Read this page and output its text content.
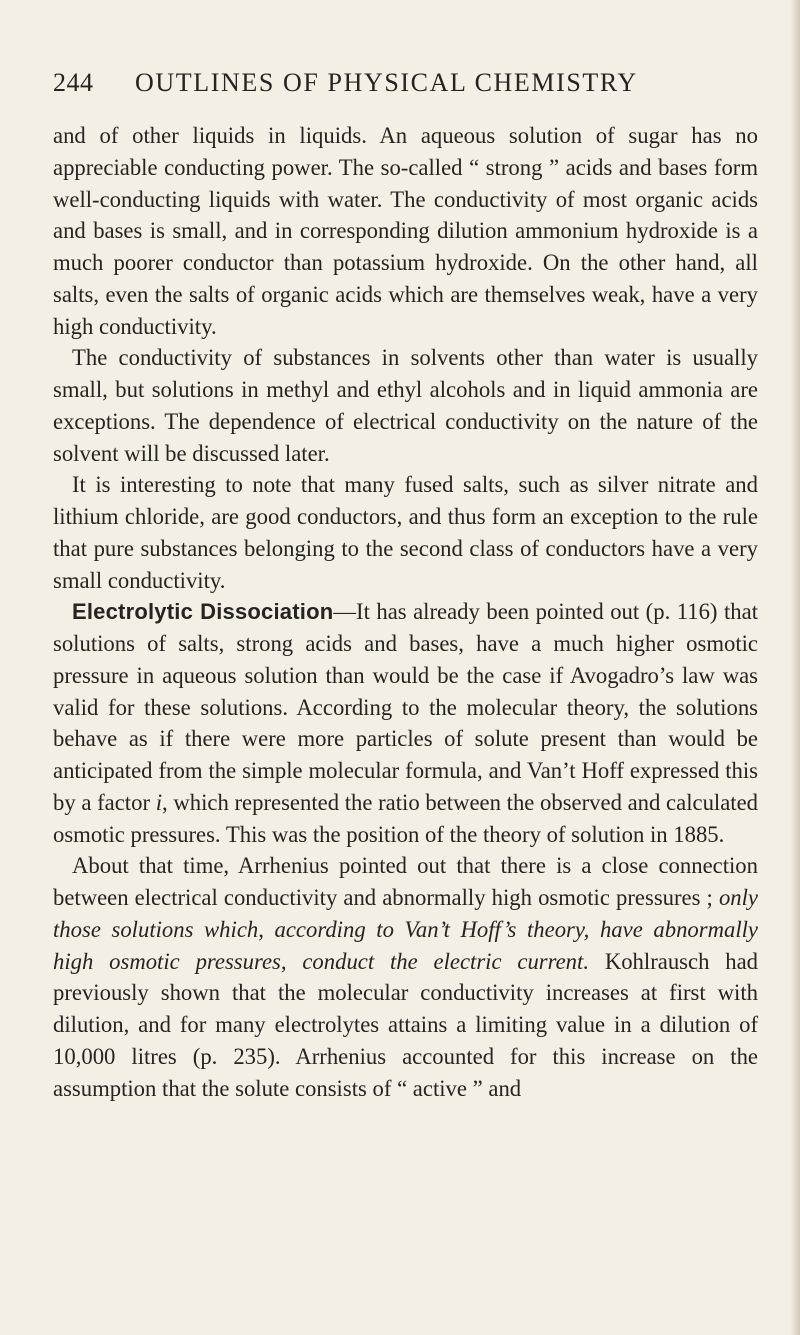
244	OUTLINES OF PHYSICAL CHEMISTRY

and of other liquids in liquids. An aqueous solution of sugar has no appreciable conducting power. The so-called “ strong ” acids and bases form well-conducting liquids with water. The conductivity of most organic acids and bases is small, and in corresponding dilution ammonium hydroxide is a much poorer conductor than potassium hydroxide. On the other hand, all salts, even the salts of organic acids which are themselves weak, have a very high conductivity.

The conductivity of substances in solvents other than water is usually small, but solutions in methyl and ethyl alcohols and in liquid ammonia are exceptions. The dependence of electrical conductivity on the nature of the solvent will be discussed later.

It is interesting to note that many fused salts, such as silver nitrate and lithium chloride, are good conductors, and thus form an exception to the rule that pure substances belonging to the second class of conductors have a very small conductivity.

Electrolytic Dissociation—It has already been pointed out (p. 116) that solutions of salts, strong acids and bases, have a much higher osmotic pressure in aqueous solution than would be the case if Avogadro’s law was valid for these solutions. According to the molecular theory, the solutions behave as if there were more particles of solute present than would be anticipated from the simple molecular formula, and Van’t Hoff expressed this by a factor i, which represented the ratio between the observed and calculated osmotic pressures. This was the position of the theory of solution in 1885.

About that time, Arrhenius pointed out that there is a close connection between electrical conductivity and abnormally high osmotic pressures ; only those solutions which, according to Van’t Hoff’s theory, have abnormally high osmotic pressures, conduct the electric current. Kohlrausch had previously shown that the molecular conductivity increases at first with dilution, and for many electrolytes attains a limiting value in a dilution of 10,000 litres (p. 235). Arrhenius accounted for this increase on the assumption that the solute consists of “ active ” and
